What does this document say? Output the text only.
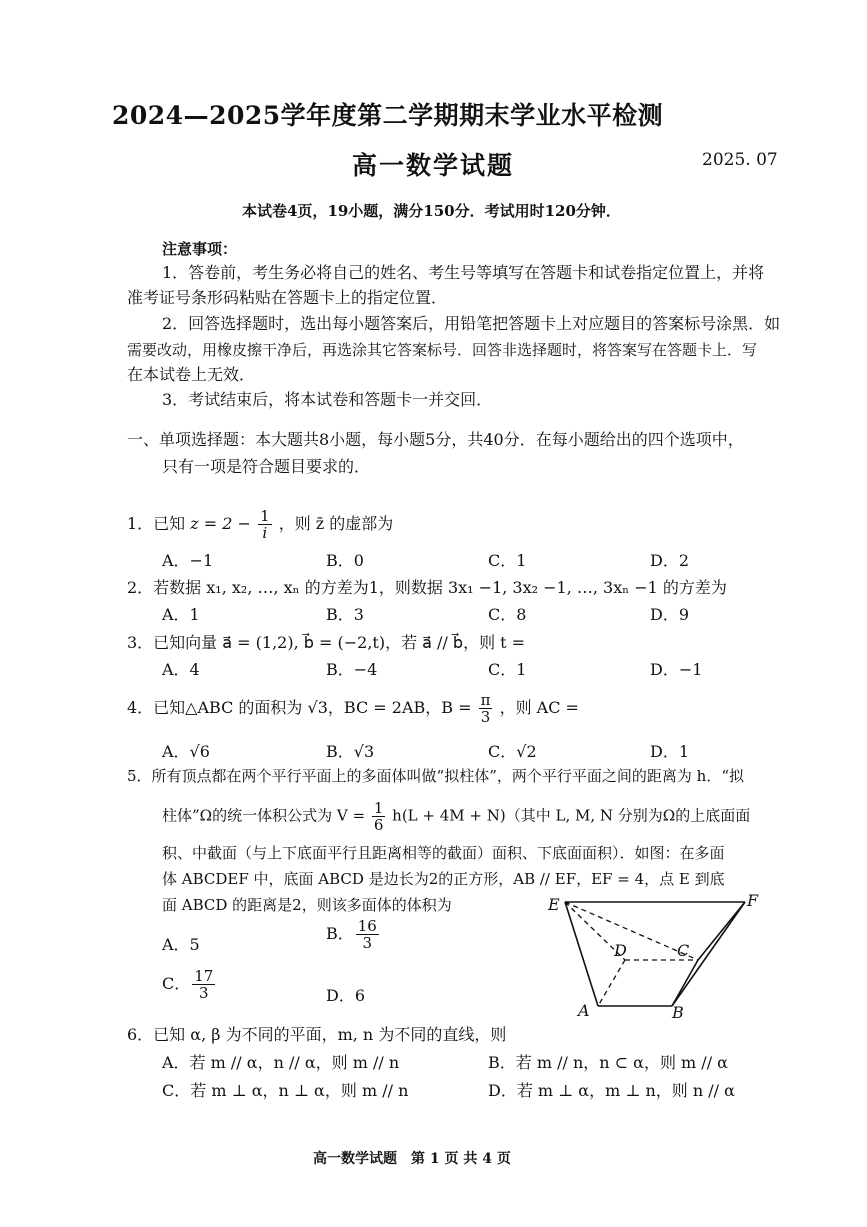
2024—2025学年度第二学期期末学业水平检测
高一数学试题	2025. 07
本试卷4页，19小题，满分150分．考试用时120分钟．
注意事项：
1．答卷前，考生务必将自己的姓名、考生号等填写在答题卡和试卷指定位置上，并将
准考证号条形码粘贴在答题卡上的指定位置．
2．回答选择题时，选出每小题答案后，用铅笔把答题卡上对应题目的答案标号涂黑．如
需要改动，用橡皮擦干净后，再选涂其它答案标号．回答非选择题时，将答案写在答题卡上．写
在本试卷上无效．
3．考试结束后，将本试卷和答题卡一并交回．
一、单项选择题：本大题共8小题，每小题5分，共40分．在每小题给出的四个选项中，
只有一项是符合题目要求的．
1．已知 $z = 2 - \frac{1}{i}$ ，则 z̄ 的虚部为
A．−1	B．0	C．1	D．2
2．若数据 x₁, x₂, …, xₙ 的方差为1，则数据 3x₁ −1, 3x₂ −1, …, 3xₙ −1 的方差为
A．1	B．3	C．8	D．9
3．已知向量 a⃗ = (1,2), b⃗ = (−2,t)，若 a⃗ // b⃗，则 t =
A．4	B．−4	C．1	D．−1
4．已知△ABC 的面积为 √3，BC = 2AB，$B = \frac{\pi}{3}$ ，则 AC =
A．√6	B．√3	C．√2	D．1
5．所有顶点都在两个平行平面上的多面体叫做“拟柱体”，两个平行平面之间的距离为 h．“拟
柱体”Ω的统一体积公式为 $V = \frac{1}{6} h(L + 4M + N)$（其中 L, M, N 分别为Ω的上底面面
积、中截面（与上下底面平行且距离相等的截面）面积、下底面面积）．如图：在多面
体 ABCDEF 中，底面 ABCD 是边长为2的正方形，AB // EF，EF = 4，点 E 到底
面 ABCD 的距离是2，则该多面体的体积为
A．5
B． $\frac{16}{3}$
C． $\frac{17}{3}$	D．6
E	F
D	C
A	B
6．已知 α, β 为不同的平面，m, n 为不同的直线，则
A．若 m // α，n // α，则 m // n	B．若 m // n，n ⊂ α，则 m // α
C．若 m ⊥ α，n ⊥ α，则 m // n	D．若 m ⊥ α，m ⊥ n，则 n // α
高一数学试题　第 1 页 共 4 页
